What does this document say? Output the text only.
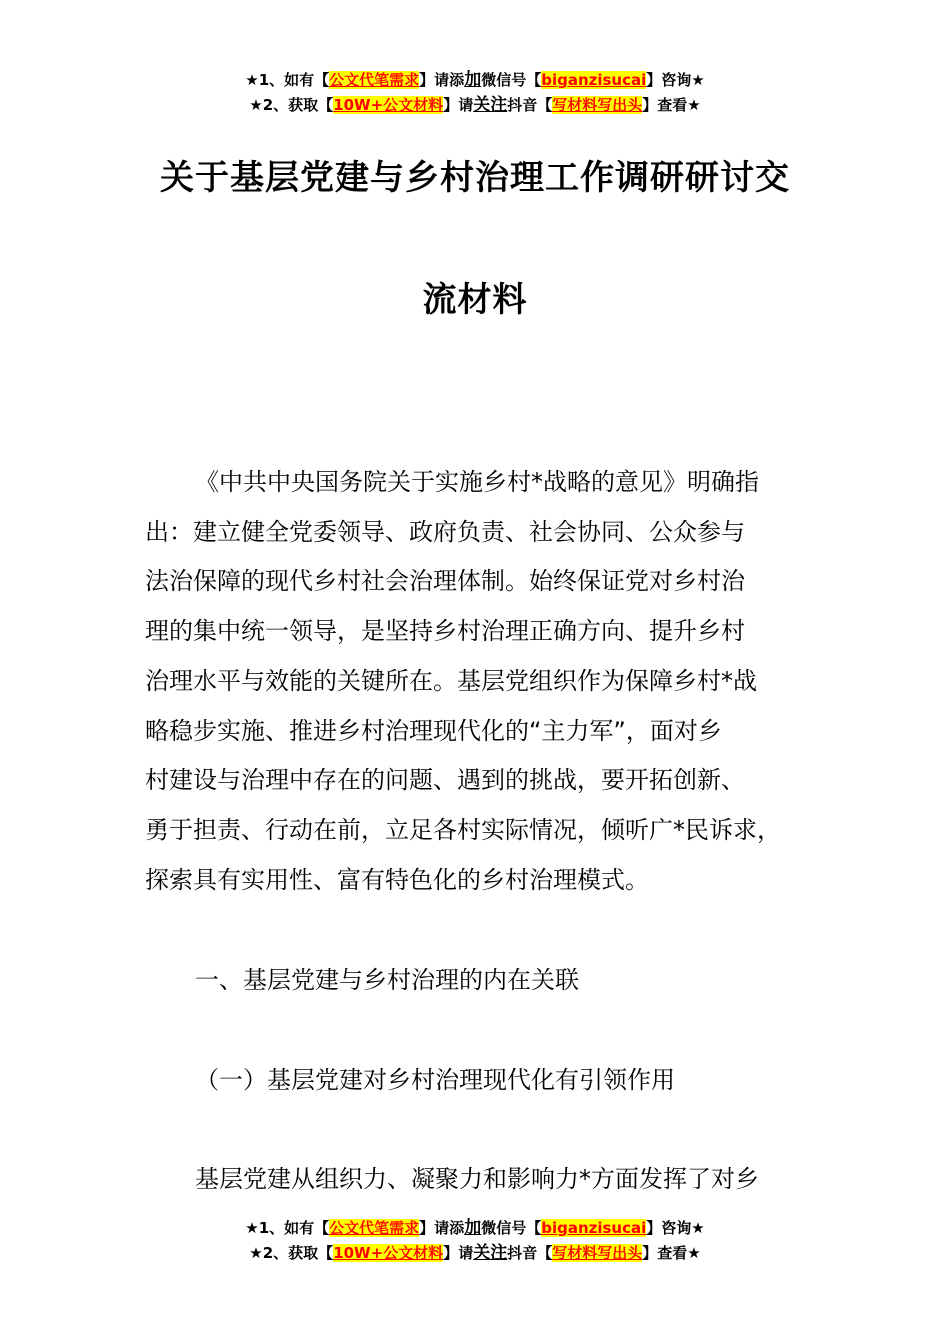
★1、如有【公文代笔需求】请添加微信号【biganzisucai】咨询★
★2、获取【10W+公文材料】请关注抖音【写材料写出头】查看★
关于基层党建与乡村治理工作调研研讨交
流材料
《中共中央国务院关于实施乡村*战略的意见》明确指
出：建立健全党委领导、政府负责、社会协同、公众参与
法治保障的现代乡村社会治理体制。始终保证党对乡村治
理的集中统一领导，是坚持乡村治理正确方向、提升乡村
治理水平与效能的关键所在。基层党组织作为保障乡村*战
略稳步实施、推进乡村治理现代化的“主力军”，面对乡
村建设与治理中存在的问题、遇到的挑战，要开拓创新、
勇于担责、行动在前，立足各村实际情况，倾听广*民诉求，
探索具有实用性、富有特色化的乡村治理模式。
一、基层党建与乡村治理的内在关联
（一）基层党建对乡村治理现代化有引领作用
基层党建从组织力、凝聚力和影响力*方面发挥了对乡
★1、如有【公文代笔需求】请添加微信号【biganzisucai】咨询★
★2、获取【10W+公文材料】请关注抖音【写材料写出头】查看★
